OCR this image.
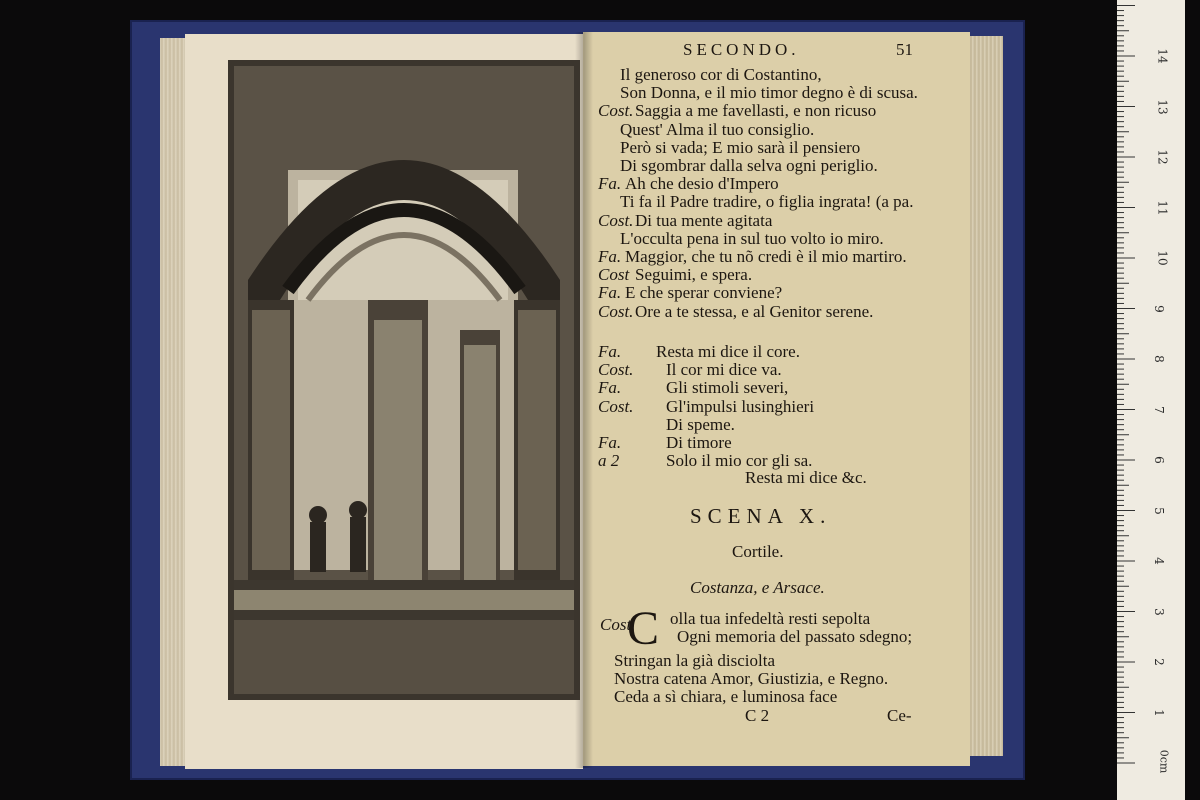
SECONDO.	51
Il generoso cor di Costantino,
Son Donna, e il mio timor degno è di scusa.
Cost. Saggia a me favellasti, e non ricuso
Quest' Alma il tuo consiglio.
Però si vada; E mio sarà il pensiero
Di sgombrar dalla selva ogni periglio.
Fa. Ah che desio d'Impero
Ti fa il Padre tradire, o figlia ingrata! (a pa.
Cost. Di tua mente agitata
L'occulta pena in sul tuo volto io miro.
Fa. Maggior, che tu nõ credi è il mio martiro.
Cost Seguimi, e spera.
Fa. E che sperar conviene?
Cost. Ore a te stessa, e al Genitor serene.
Fa. Resta mi dice il core.
Cost. Il cor mi dice va.
Fa.	Gli stimoli severi,
Cost. Gl'impulsi lusinghieri
Di speme.
Fa.	Di timore
a 2	Solo il mio cor gli sa.
Resta mi dice &c.
SCENA X.
Cortile.
Costanza, e Arsace.
Cost.
C olla tua infedeltà resti sepolta
Ogni memoria del passato sdegno;
Stringan la già disciolta
Nostra catena Amor, Giustizia, e Regno.
Ceda a sì chiara, e luminosa face
C 2	Ce-	1
2
3
4
5
6
7
8
9
10
11
12
13
14
0cm
